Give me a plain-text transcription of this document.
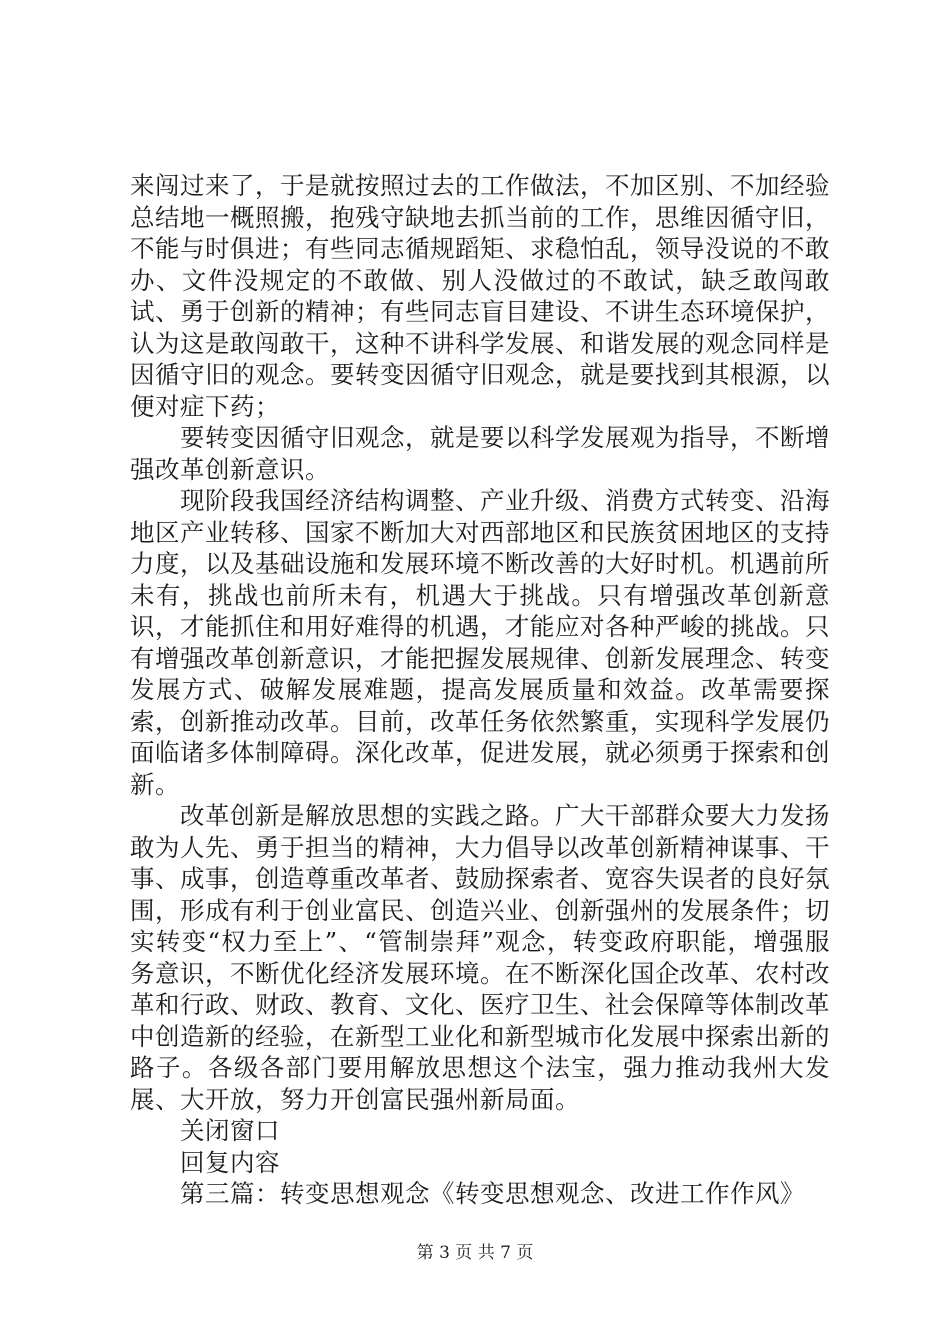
来闯过来了，于是就按照过去的工作做法，不加区别、不加经验总结地一概照搬，抱残守缺地去抓当前的工作，思维因循守旧，不能与时俱进；有些同志循规蹈矩、求稳怕乱，领导没说的不敢办、文件没规定的不敢做、别人没做过的不敢试，缺乏敢闯敢试、勇于创新的精神；有些同志盲目建设、不讲生态环境保护，认为这是敢闯敢干，这种不讲科学发展、和谐发展的观念同样是因循守旧的观念。要转变因循守旧观念，就是要找到其根源，以便对症下药；

要转变因循守旧观念，就是要以科学发展观为指导，不断增强改革创新意识。

现阶段我国经济结构调整、产业升级、消费方式转变、沿海地区产业转移、国家不断加大对西部地区和民族贫困地区的支持力度，以及基础设施和发展环境不断改善的大好时机。机遇前所未有，挑战也前所未有，机遇大于挑战。只有增强改革创新意识，才能抓住和用好难得的机遇，才能应对各种严峻的挑战。只有增强改革创新意识，才能把握发展规律、创新发展理念、转变发展方式、破解发展难题，提高发展质量和效益。改革需要探索，创新推动改革。目前，改革任务依然繁重，实现科学发展仍面临诸多体制障碍。深化改革，促进发展，就必须勇于探索和创新。

改革创新是解放思想的实践之路。广大干部群众要大力发扬敢为人先、勇于担当的精神，大力倡导以改革创新精神谋事、干事、成事，创造尊重改革者、鼓励探索者、宽容失误者的良好氛围，形成有利于创业富民、创造兴业、创新强州的发展条件；切实转变“权力至上”、“管制崇拜”观念，转变政府职能，增强服务意识，不断优化经济发展环境。在不断深化国企改革、农村改革和行政、财政、教育、文化、医疗卫生、社会保障等体制改革中创造新的经验，在新型工业化和新型城市化发展中探索出新的路子。各级各部门要用解放思想这个法宝，强力推动我州大发展、大开放，努力开创富民强州新局面。

关闭窗口

回复内容

第三篇：转变思想观念《转变思想观念、改进工作作风》

第 3 页 共 7 页
